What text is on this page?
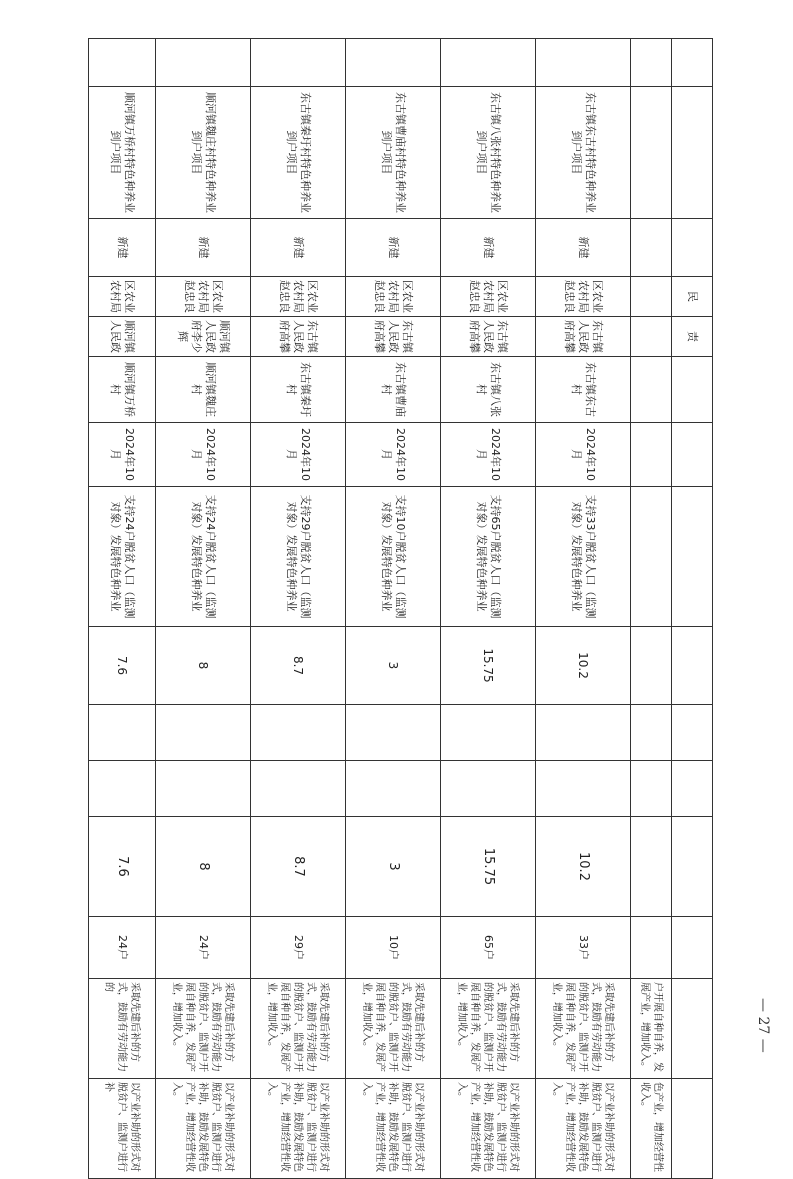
— 27 —
			民	责										
													户开展自种自养，发展产业，增加收入。	色产业，增加经营性收入。
	东古镇东古村特色种养业到户项目	新建	区农业农村局赵忠良	东古镇人民政府高攀	东古镇东古村	2024年10月	支持33户脱贫人口（监测对象）发展特色种养业	10.2			10.2	33户	采取先建后补的方式，鼓励有劳动能力的脱贫户、监测户开展自种自养，发展产业，增加收入。	以产业补助的形式对脱贫户、监测户进行补助，鼓励发展特色产业，增加经营性收入。
	东古镇八张村特色种养业到户项目	新建	区农业农村局赵忠良	东古镇人民政府高攀	东古镇八张村	2024年10月	支持65户脱贫人口（监测对象）发展特色种养业	15.75			15.75	65户	采取先建后补的方式，鼓励有劳动能力的脱贫户、监测户开展自种自养，发展产业，增加收入。	以产业补助的形式对脱贫户、监测户进行补助，鼓励发展特色产业，增加经营性收入。
	东古镇曹庙村特色种养业到户项目	新建	区农业农村局赵忠良	东古镇人民政府高攀	东古镇曹庙村	2024年10月	支持10户脱贫人口（监测对象）发展特色种养业	3			3	10户	采取先建后补的方式，鼓励有劳动能力的脱贫户、监测户开展自种自养，发展产业，增加收入。	以产业补助的形式对脱贫户、监测户进行补助，鼓励发展特色产业，增加经营性收入。
	东古镇秦圩村特色种养业到户项目	新建	区农业农村局赵忠良	东古镇人民政府高攀	东古镇秦圩村	2024年10月	支持29户脱贫人口（监测对象）发展特色种养业	8.7			8.7	29户	采取先建后补的方式，鼓励有劳动能力的脱贫户、监测户开展自种自养，发展产业，增加收入。	以产业补助的形式对脱贫户、监测户进行补助，鼓励发展特色产业，增加经营性收入。
	顺河镇魏庄村特色种养业到户项目	新建	区农业农村局赵忠良	顺河镇人民政府李少辉	顺河镇魏庄村	2024年10月	支持24户脱贫人口（监测对象）发展特色种养业	8			8	24户	采取先建后补的方式，鼓励有劳动能力的脱贫户、监测户开展自种自养，发展产业，增加收入。	以产业补助的形式对脱贫户、监测户进行补助，鼓励发展特色产业，增加经营性收入。
	顺河镇万桥村特色种养业到户项目	新建	区农业农村局	顺河镇人民政	顺河镇万桥村	2024年10月	支持24户脱贫人口（监测对象）发展特色种养业	7.6			7.6	24户	采取先建后补的方式，鼓励有劳动能力的	以产业补助的形式对脱贫户、监测户进行补
